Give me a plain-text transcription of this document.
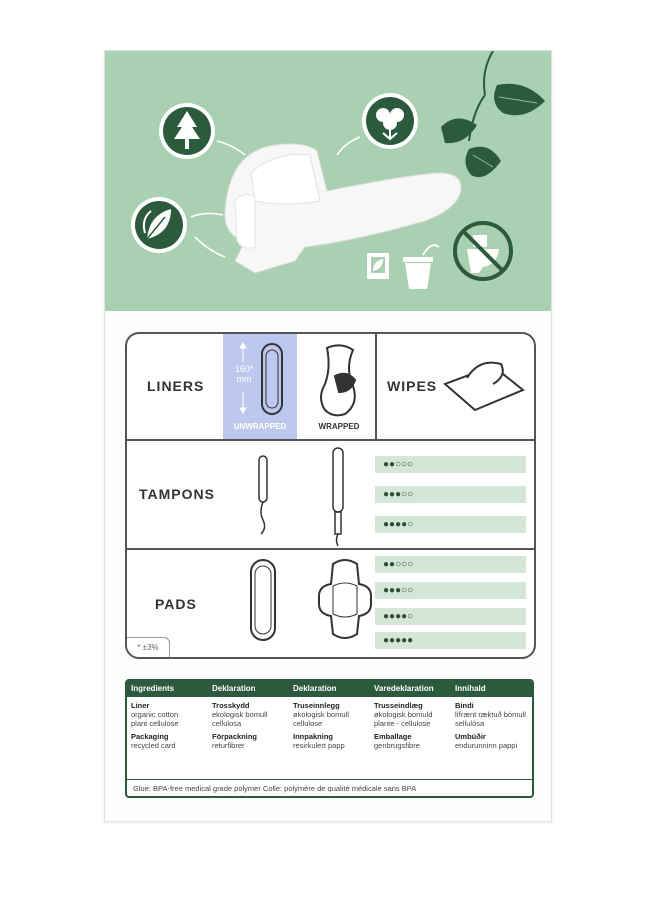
160*
mm
LINERS	WIPES
TAMPONS
PADS
UNWRAPPED	WRAPPED
●●○○○
●●●○○
●●●●○
●●○○○
●●●○○
●●●●○
●●●●●
* ±3%
Ingredients
Liner
organic cotton
plant cellulose
Packaging
recycled card
Deklaration
Trosskydd
ekologisk bomull
cellulosa
Förpackning
returfibrer
Deklaration
Truseinnlegg
økologisk bomull
cellulose
Innpakning
resirkulert papp
Varedeklaration
Trusseindlæg
økologisk bomuld
plante - cellulose
Emballage
genbrugsfibre
Innihald
Bindi
lífrænt ræktuð bómull
sellulósa
Umbúðir
endurunninn pappi
Glue: BPA-free medical grade polymer Colle: polymère de qualité médicale sans BPA
